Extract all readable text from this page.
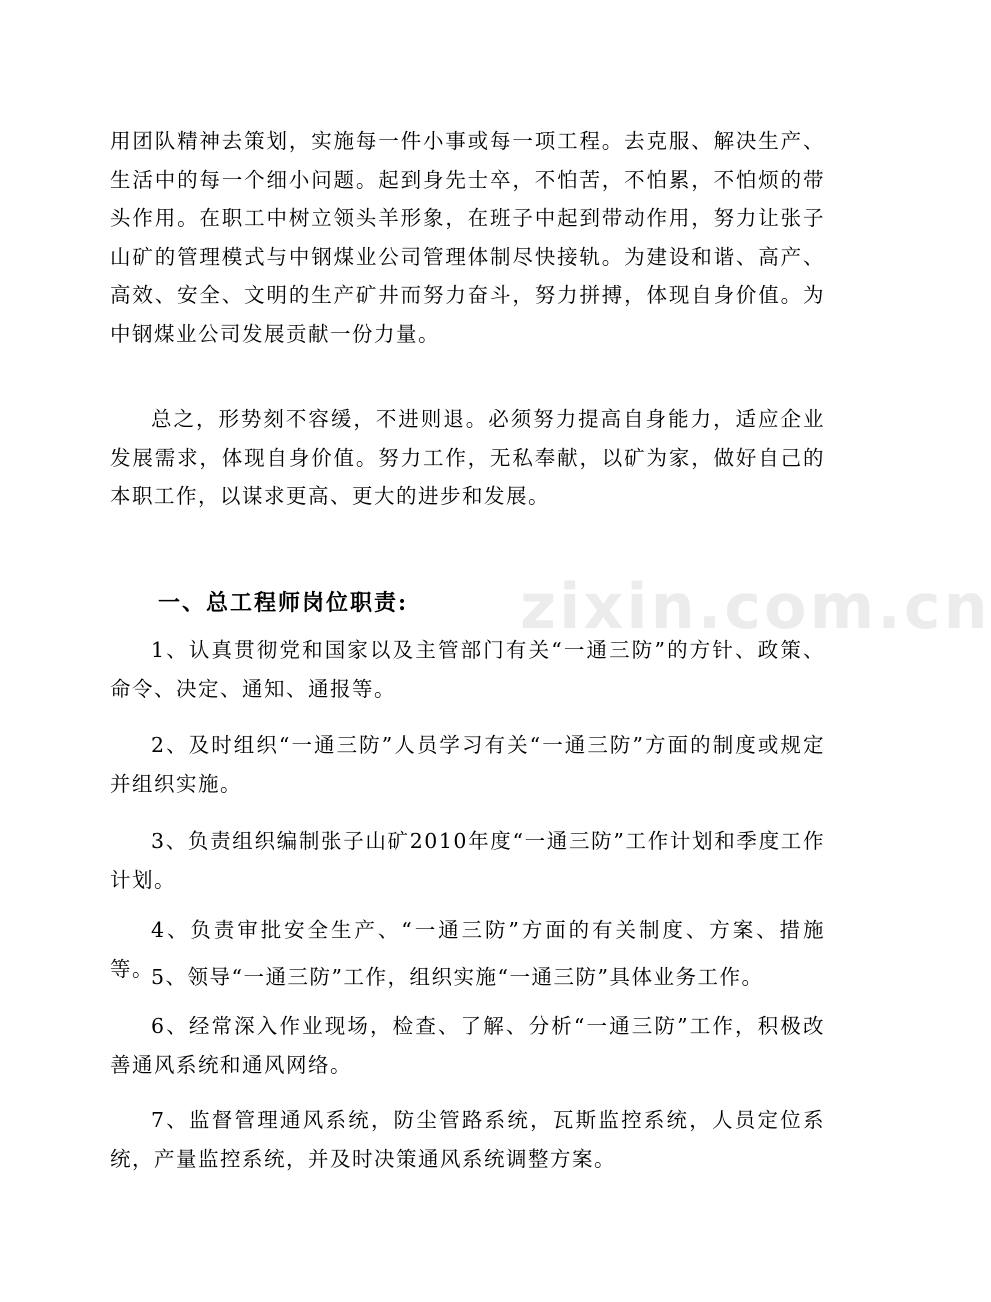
用团队精神去策划，实施每一件小事或每一项工程。去克服、解决生产、生活中的每一个细小问题。起到身先士卒，不怕苦，不怕累，不怕烦的带头作用。在职工中树立领头羊形象，在班子中起到带动作用，努力让张子山矿的管理模式与中钢煤业公司管理体制尽快接轨。为建设和谐、高产、高效、安全、文明的生产矿井而努力奋斗，努力拼搏，体现自身价值。为中钢煤业公司发展贡献一份力量。

总之，形势刻不容缓，不进则退。必须努力提高自身能力，适应企业发展需求，体现自身价值。努力工作，无私奉献，以矿为家，做好自己的本职工作，以谋求更高、更大的进步和发展。

一、总工程师岗位职责:

1、认真贯彻党和国家以及主管部门有关“一通三防”的方针、政策、命令、决定、通知、通报等。

2、及时组织“一通三防”人员学习有关“一通三防”方面的制度或规定并组织实施。

3、负责组织编制张子山矿2010年度“一通三防”工作计划和季度工作计划。

4、负责审批安全生产、“一通三防”方面的有关制度、方案、措施等。

5、领导“一通三防”工作，组织实施“一通三防”具体业务工作。

6、经常深入作业现场，检查、了解、分析“一通三防”工作，积极改善通风系统和通风网络。

7、监督管理通风系统，防尘管路系统，瓦斯监控系统，人员定位系统，产量监控系统，并及时决策通风系统调整方案。

zixin.com.cn
